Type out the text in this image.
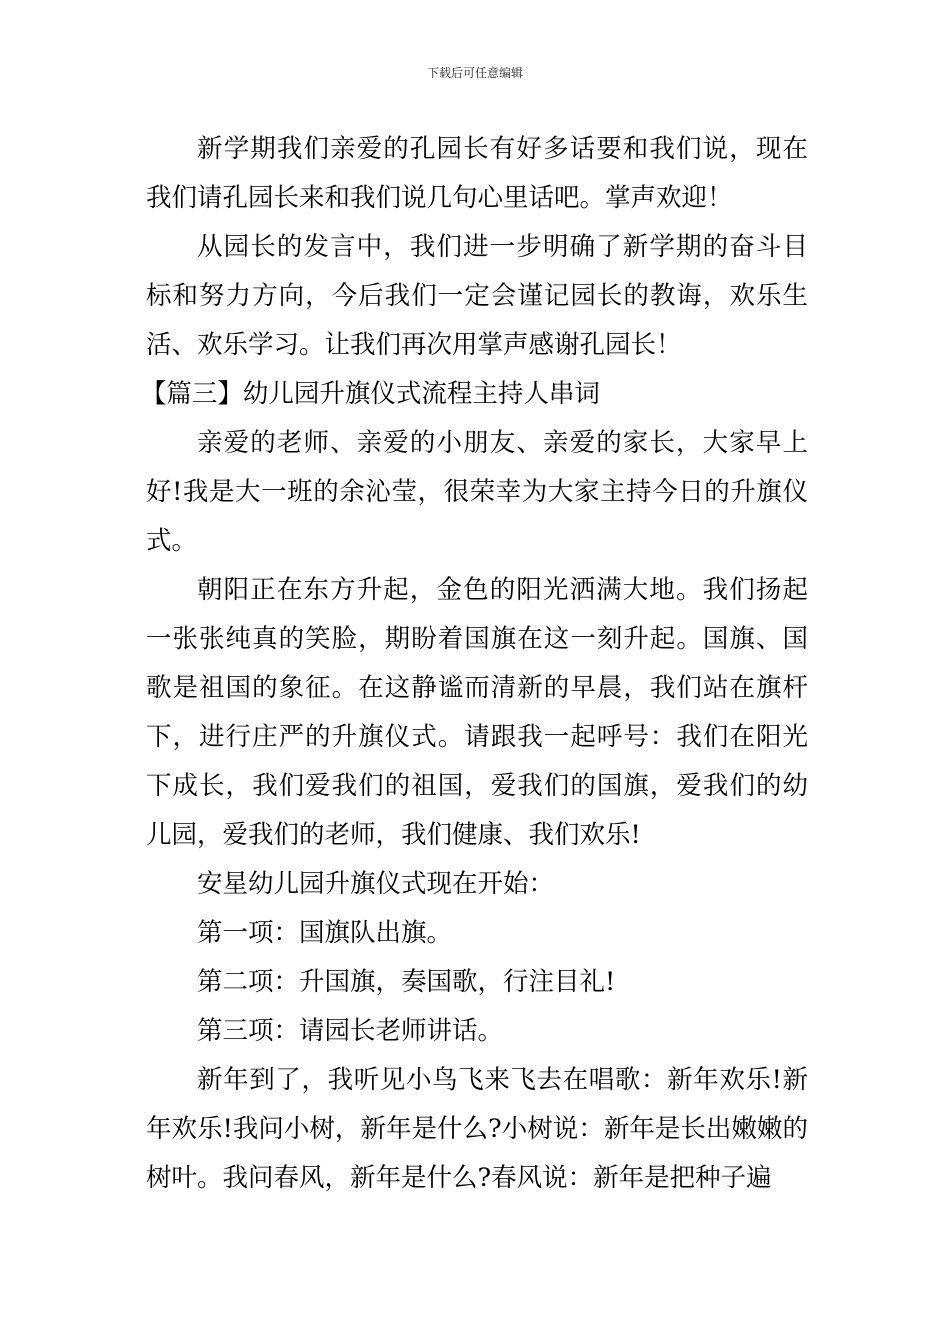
下载后可任意编辑

新学期我们亲爱的孔园长有好多话要和我们说，现在我们请孔园长来和我们说几句心里话吧。掌声欢迎！

从园长的发言中，我们进一步明确了新学期的奋斗目标和努力方向，今后我们一定会谨记园长的教诲，欢乐生活、欢乐学习。让我们再次用掌声感谢孔园长！

【篇三】幼儿园升旗仪式流程主持人串词

亲爱的老师、亲爱的小朋友、亲爱的家长，大家早上好!我是大一班的余沁莹，很荣幸为大家主持今日的升旗仪式。

朝阳正在东方升起，金色的阳光洒满大地。我们扬起一张张纯真的笑脸，期盼着国旗在这一刻升起。国旗、国歌是祖国的象征。在这静谧而清新的早晨，我们站在旗杆下，进行庄严的升旗仪式。请跟我一起呼号：我们在阳光下成长，我们爱我们的祖国，爱我们的国旗，爱我们的幼儿园，爱我们的老师，我们健康、我们欢乐!

安星幼儿园升旗仪式现在开始：

第一项：国旗队出旗。

第二项：升国旗，奏国歌，行注目礼!

第三项：请园长老师讲话。

新年到了，我听见小鸟飞来飞去在唱歌：新年欢乐!新年欢乐!我问小树，新年是什么?小树说：新年是长出嫩嫩的树叶。我问春风，新年是什么?春风说：新年是把种子遍
